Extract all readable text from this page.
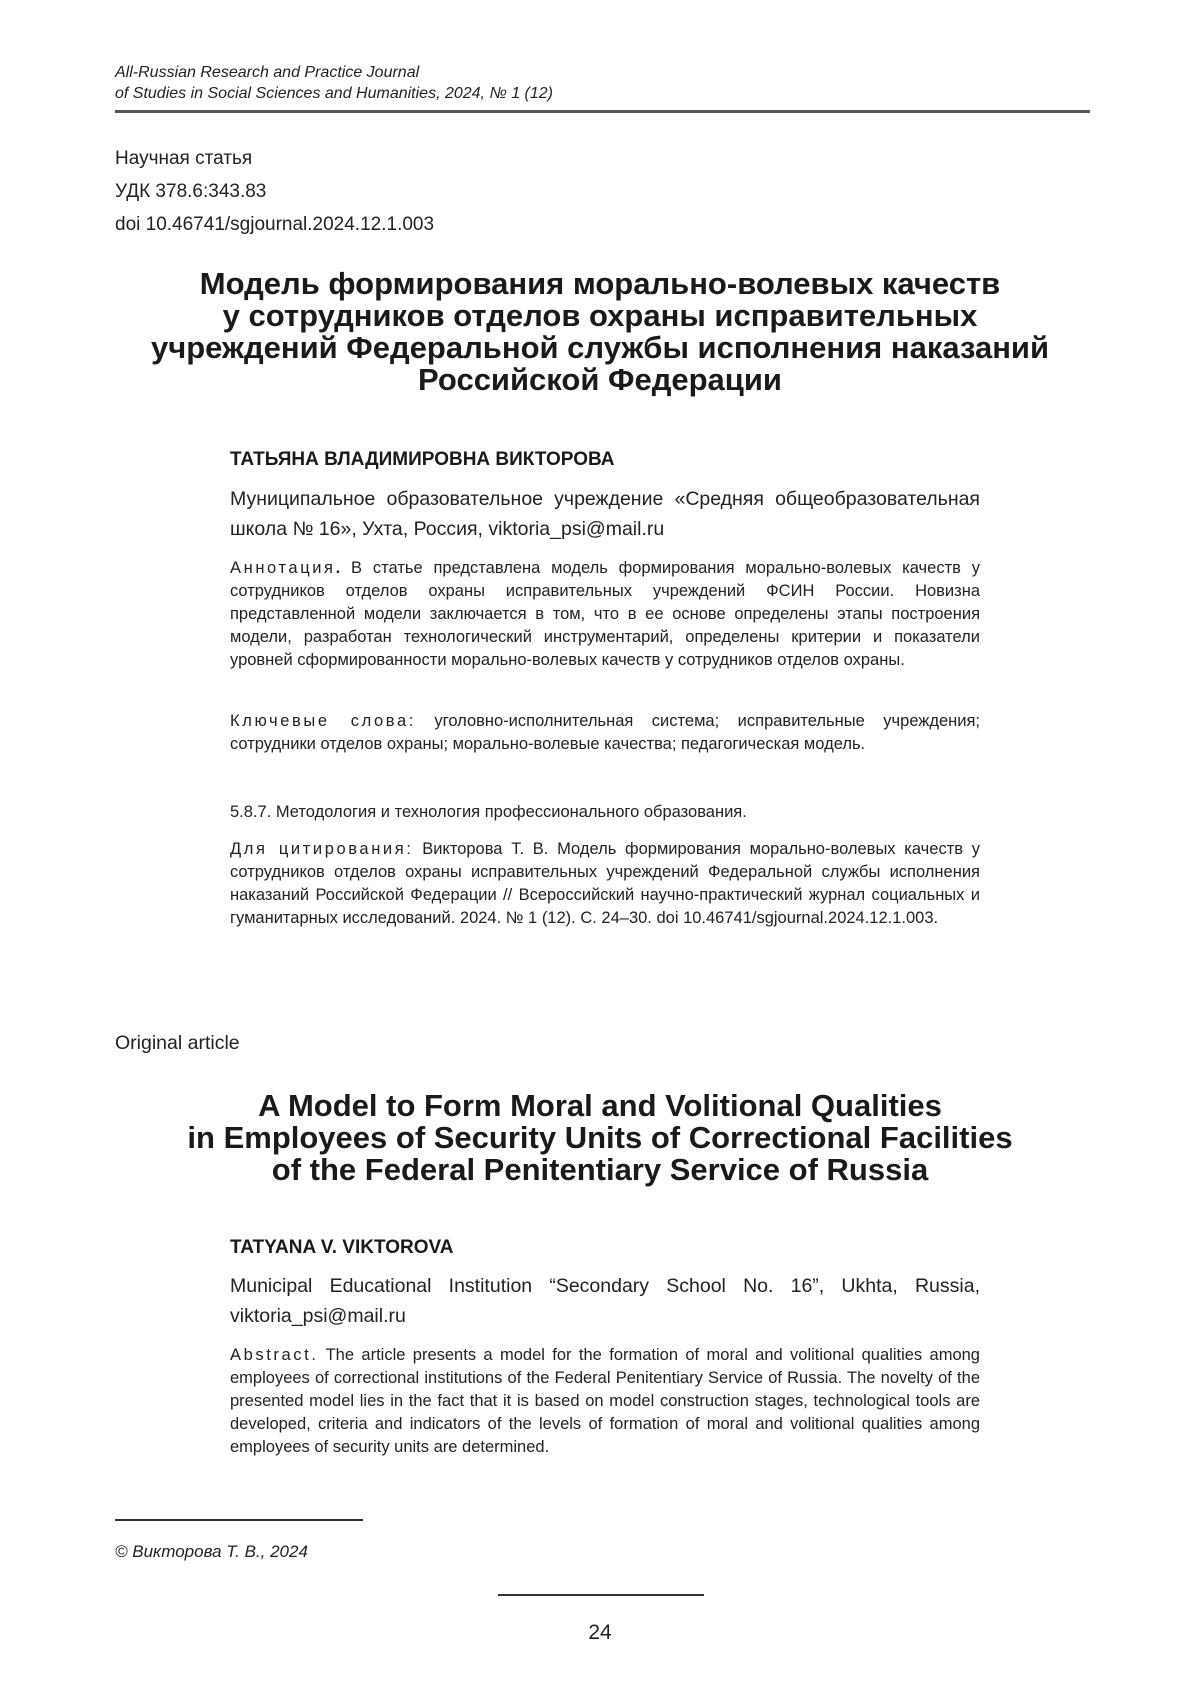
All-Russian Research and Practice Journal
of Studies in Social Sciences and Humanities, 2024, № 1 (12)
Научная статья
УДК 378.6:343.83
doi 10.46741/sgjournal.2024.12.1.003
Модель формирования морально-волевых качеств
у сотрудников отделов охраны исправительных
учреждений Федеральной службы исполнения наказаний
Российской Федерации
ТАТЬЯНА ВЛАДИМИРОВНА ВИКТОРОВА
Муниципальное образовательное учреждение «Средняя общеобразовательная школа № 16», Ухта, Россия, viktoria_psi@mail.ru
Аннотация. В статье представлена модель формирования морально-волевых качеств у сотрудников отделов охраны исправительных учреждений ФСИН России. Новизна представленной модели заключается в том, что в ее основе определены этапы построения модели, разработан технологический инструментарий, определены критерии и показатели уровней сформированности морально-волевых качеств у сотрудников отделов охраны.
Ключевые слова: уголовно-исполнительная система; исправительные учреждения; сотрудники отделов охраны; морально-волевые качества; педагогическая модель.
5.8.7. Методология и технология профессионального образования.
Для цитирования: Викторова Т. В. Модель формирования морально-волевых качеств у сотрудников отделов охраны исправительных учреждений Федеральной службы исполнения наказаний Российской Федерации // Всероссийский научно-практический журнал социальных и гуманитарных исследований. 2024. № 1 (12). С. 24–30. doi 10.46741/sgjournal.2024.12.1.003.
Original article
A Model to Form Moral and Volitional Qualities
in Employees of Security Units of Correctional Facilities
of the Federal Penitentiary Service of Russia
TATYANA V. VIKTOROVA
Municipal Educational Institution “Secondary School No. 16”, Ukhta, Russia, viktoria_psi@mail.ru
Abstract. The article presents a model for the formation of moral and volitional qualities among employees of correctional institutions of the Federal Penitentiary Service of Russia. The novelty of the presented model lies in the fact that it is based on model construction stages, technological tools are developed, criteria and indicators of the levels of formation of moral and volitional qualities among employees of security units are determined.
© Викторова Т. В., 2024
24
